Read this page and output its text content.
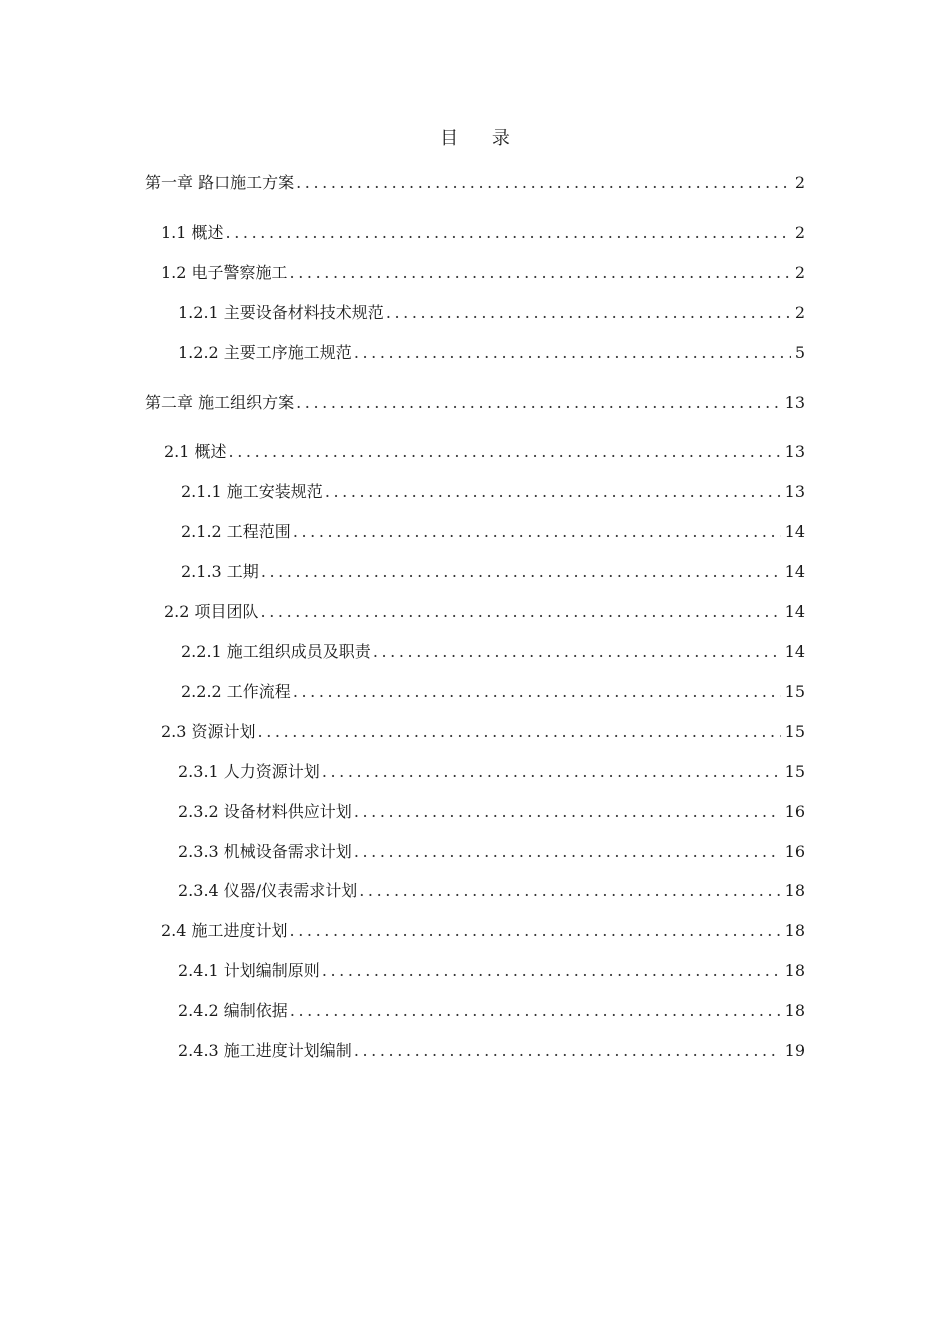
目 录
第一章 路口施工方案 .....	2
1.1 概述 .....	2
1.2 电子警察施工 .....	2
1.2.1 主要设备材料技术规范 .....	2
1.2.2 主要工序施工规范 .....	5
第二章 施工组织方案 .....	13
2.1 概述 .....	13
2.1.1 施工安装规范 .....	13
2.1.2 工程范围 .....	14
2.1.3 工期 .....	14
2.2 项目团队 .....	14
2.2.1 施工组织成员及职责 .....	14
2.2.2 工作流程 .....	15
2.3 资源计划 .....	15
2.3.1 人力资源计划 .....	15
2.3.2 设备材料供应计划 .....	16
2.3.3 机械设备需求计划 .....	16
2.3.4 仪器/仪表需求计划 .....	18
2.4 施工进度计划 .....	18
2.4.1 计划编制原则 .....	18
2.4.2 编制依据 .....	18
2.4.3 施工进度计划编制 .....	19
